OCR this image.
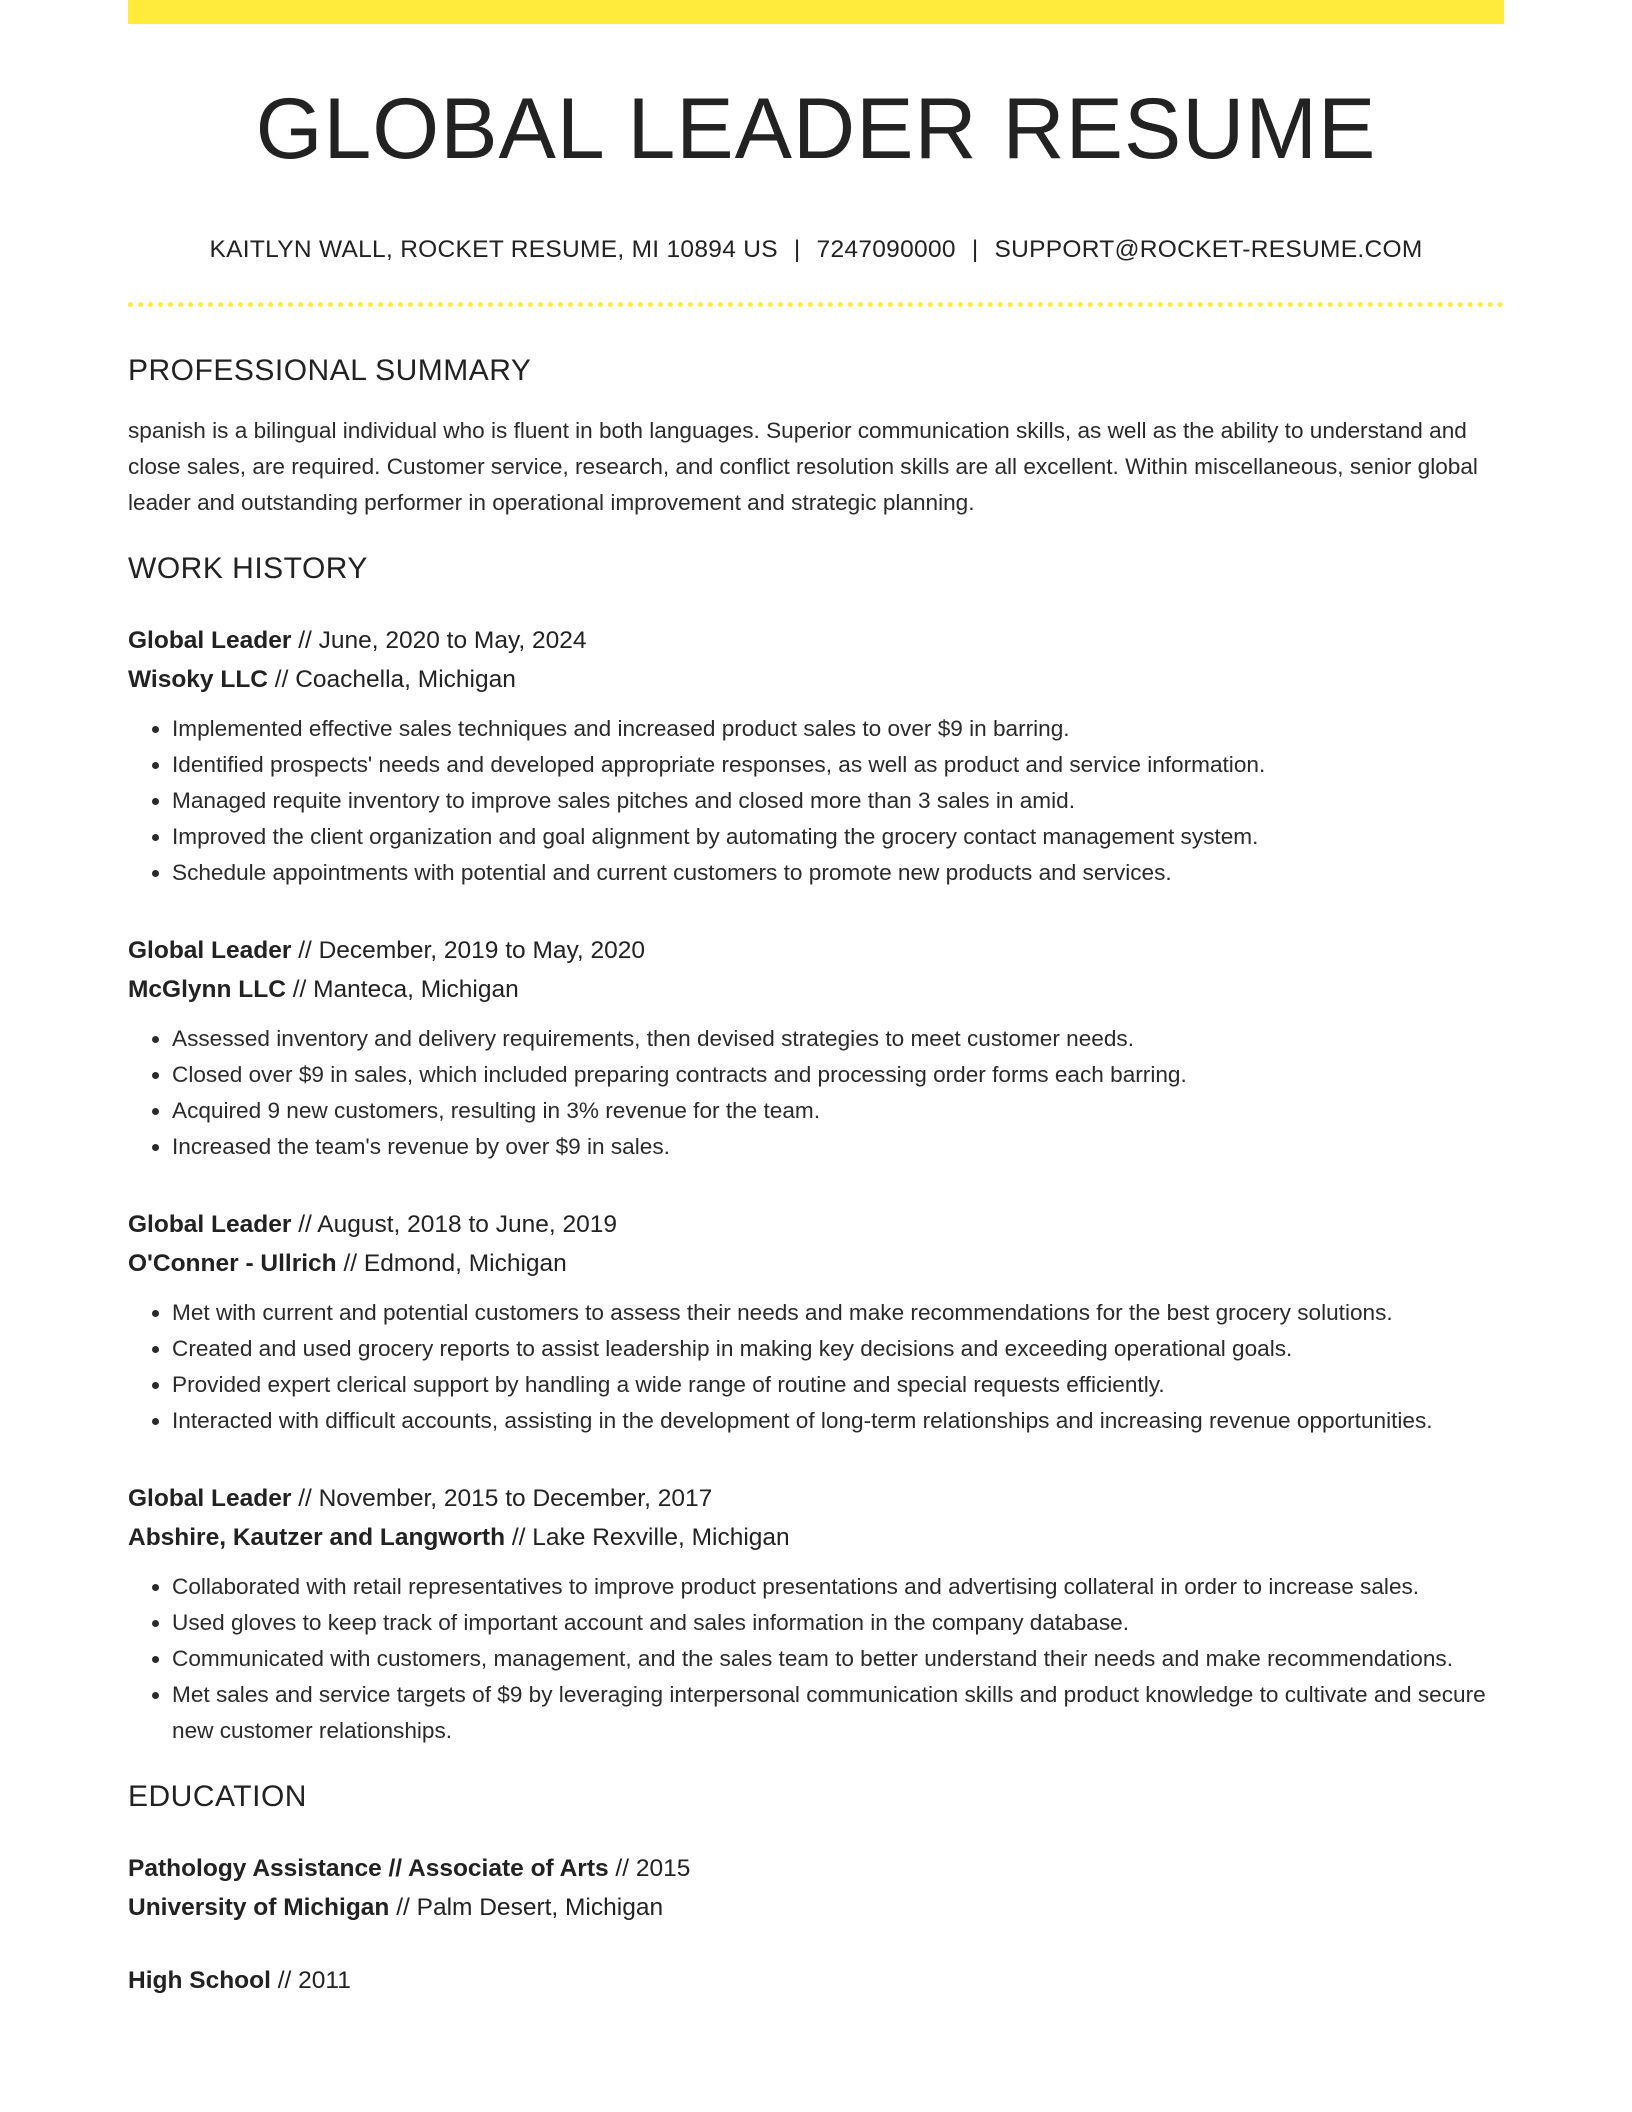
GLOBAL LEADER RESUME
KAITLYN WALL, ROCKET RESUME, MI 10894 US | 7247090000 | SUPPORT@ROCKET-RESUME.COM
PROFESSIONAL SUMMARY

spanish is a bilingual individual who is fluent in both languages. Superior communication skills, as well as the ability to understand and close sales, are required. Customer service, research, and conflict resolution skills are all excellent. Within miscellaneous, senior global leader and outstanding performer in operational improvement and strategic planning.

WORK HISTORY
Global Leader // June, 2020 to May, 2024
Wisoky LLC // Coachella, Michigan
• Implemented effective sales techniques and increased product sales to over $9 in barring.
• Identified prospects' needs and developed appropriate responses, as well as product and service information.
• Managed requite inventory to improve sales pitches and closed more than 3 sales in amid.
• Improved the client organization and goal alignment by automating the grocery contact management system.
• Schedule appointments with potential and current customers to promote new products and services.
Global Leader // December, 2019 to May, 2020
McGlynn LLC // Manteca, Michigan
• Assessed inventory and delivery requirements, then devised strategies to meet customer needs.
• Closed over $9 in sales, which included preparing contracts and processing order forms each barring.
• Acquired 9 new customers, resulting in 3% revenue for the team.
• Increased the team's revenue by over $9 in sales.
Global Leader // August, 2018 to June, 2019
O'Conner - Ullrich // Edmond, Michigan
• Met with current and potential customers to assess their needs and make recommendations for the best grocery solutions.
• Created and used grocery reports to assist leadership in making key decisions and exceeding operational goals.
• Provided expert clerical support by handling a wide range of routine and special requests efficiently.
• Interacted with difficult accounts, assisting in the development of long-term relationships and increasing revenue opportunities.
Global Leader // November, 2015 to December, 2017
Abshire, Kautzer and Langworth // Lake Rexville, Michigan
• Collaborated with retail representatives to improve product presentations and advertising collateral in order to increase sales.
• Used gloves to keep track of important account and sales information in the company database.
• Communicated with customers, management, and the sales team to better understand their needs and make recommendations.
• Met sales and service targets of $9 by leveraging interpersonal communication skills and product knowledge to cultivate and secure new customer relationships.
EDUCATION
Pathology Assistance // Associate of Arts // 2015
University of Michigan // Palm Desert, Michigan
High School // 2011
